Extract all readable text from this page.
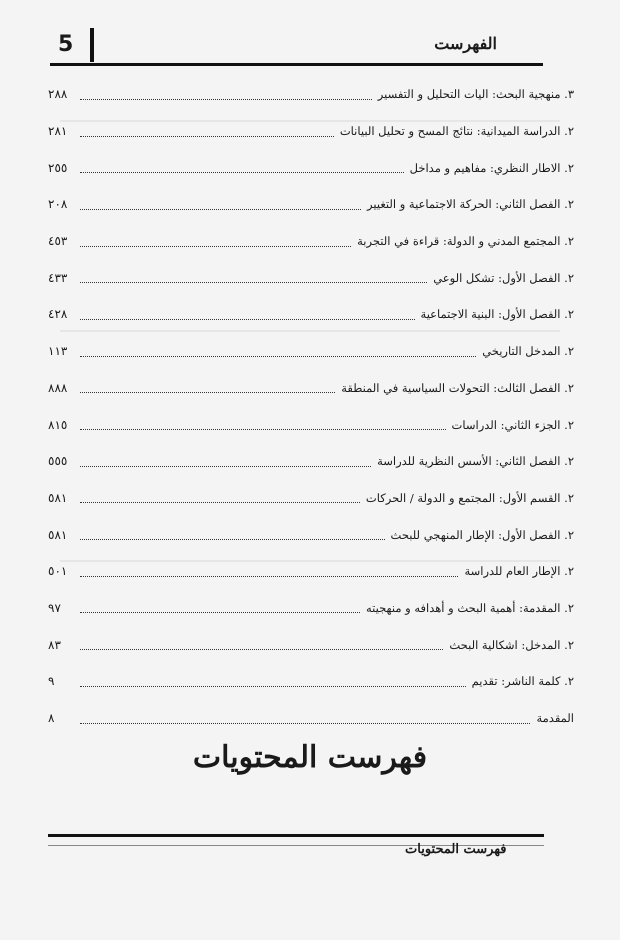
5	الفهرست
٣. منهجیة البحث: اليات التحلیل و التفسیر
٢٨٨
٢. الدراسة الميدانية: نتائج المسح و تحلیل البيانات
٢٨١
٢. الاطار النظري: مفاهیم و مداخل
٢٥٥
٢. الفصل الثاني: الحركة الاجتماعية و التغیير
٢٠٨
٢. المجتمع المدني و الدولة: قراءة في التجربة
٤٥٣
٢. الفصل الأول: تشكل الوعي
٤٣٣
٢. الفصل الأول: البنية الاجتماعية
٤٢٨
٢. المدخل التاريخي
١١٣
٢. الفصل الثالث: التحولات السياسية في المنطقة
٨٨٨
٢. الجزء الثاني: الدراسات
٨١٥
٢. الفصل الثاني: الأسس النظرية للدراسة
٥٥٥
٢. القسم الأول: المجتمع و الدولة / الحركات
٥٨١
٢. الفصل الأول: الإطار المنهجي للبحث
٥٨١
٢. الإطار العام للدراسة
٥٠١
٢. المقدمة: أهمية البحث و أهدافه و منهجيته
٩٧
٢. المدخل: اشكالية البحث
٨٣
٢. كلمة الناشر: تقديم
٩
المقدمة
٨
فهرست المحتويات
فهرست المحتويات
